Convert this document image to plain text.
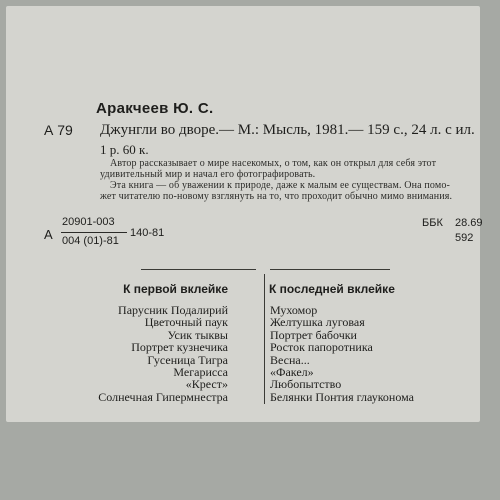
Аракчеев Ю. С.
А 79 Джунгли во дворе.— М.: Мысль, 1981.— 159 с., 24 л. с ил.
1 р. 60 к.
Автор рассказывает о мире насекомых, о том, как он открыл для себя этот
удивительный мир и начал его фотографировать.
Эта книга — об уважении к природе, даже к малым ее существам. Она помо-
жет читателю по-новому взглянуть на то, что проходит обычно мимо внимания.
А
20901-003
004 (01)-81
140-81
ББК 28.69
592
К первой вклейке	К последней вклейке
Парусник Подалирий
Цветочный паук
Усик тыквы
Портрет кузнечика
Гусеница Тигра
Мегарисса
«Крест»
Солнечная Гипермнестра
Мухомор
Желтушка луговая
Портрет бабочки
Росток папоротника
Весна...
«Факел»
Любопытство
Белянки Понтия глауконома
